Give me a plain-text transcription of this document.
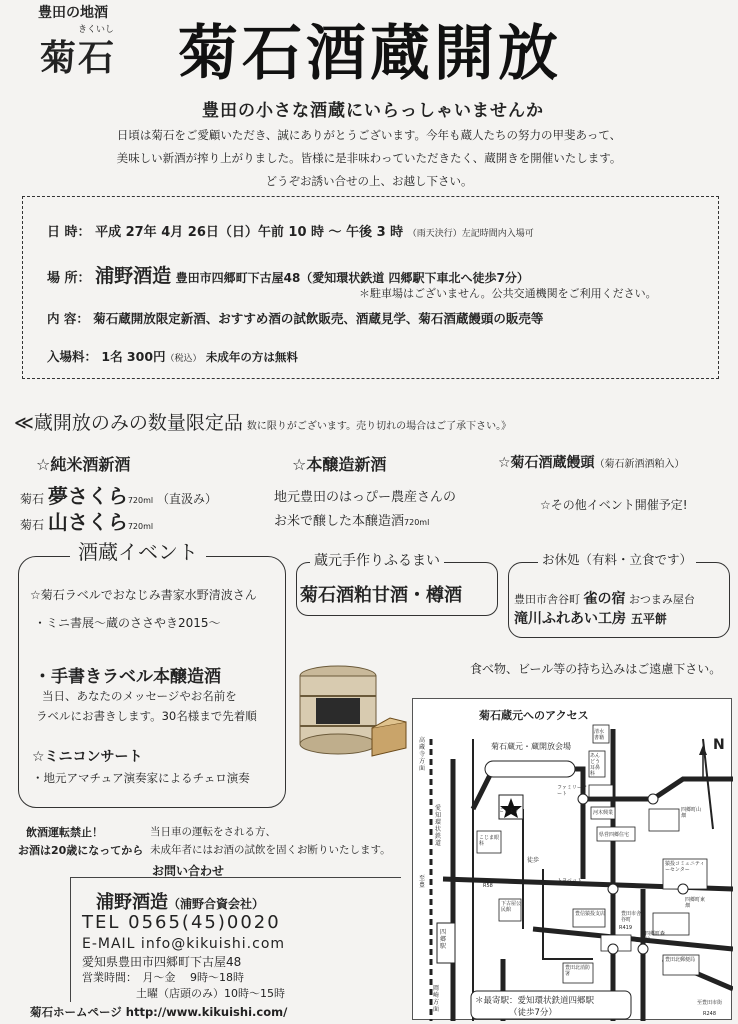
豊田の地酒
きくいし
菊石 菊石酒蔵開放
豊田の小さな酒蔵にいらっしゃいませんか
日頃は菊石をご愛顧いただき、誠にありがとうございます。今年も蔵人たちの努力の甲斐あって、
美味しい新酒が搾り上がりました。皆様に是非味わっていただきたく、蔵開きを開催いたします。
どうぞお誘い合せの上、お越し下さい。
日 時： 平成 27年 4月 26日（日）午前 10 時 〜 午後 3 時 （雨天決行）左記時間内入場可
場 所： 浦野酒造 豊田市四郷町下古屋48（愛知環状鉄道 四郷駅下車北へ徒歩7分）
＊駐車場はございません。公共交通機関をご利用ください。
内 容： 菊石蔵開放限定新酒、おすすめ酒の試飲販売、酒蔵見学、菊石酒蔵饅頭の販売等
入場料： 1名 300円（税込） 未成年の方は無料
≪蔵開放のみの数量限定品 数に限りがございます。売り切れの場合はご了承下さい。》
☆純米酒新酒
菊石 夢さくら720ml （直汲み）
菊石 山さくら720ml
☆本醸造新酒
地元豊田のはっぴー農産さんの
お米で醸した本醸造酒720ml
☆菊石酒蔵饅頭（菊石新酒酒粕入）
☆その他イベント開催予定!
酒蔵イベント
☆菊石ラベルでおなじみ書家水野清波さん
・ミニ書展〜蔵のささやき2015〜
・手書きラベル本醸造酒
当日、あなたのメッセージやお名前を
ラベルにお書きします。30名様まで先着順
☆ミニコンサート
・地元アマチュア演奏家によるチェロ演奏
蔵元手作りふるまい
菊石酒粕甘酒・樽酒
お休処（有料・立食です）
豊田市舎谷町 雀の宿 おつまみ屋台
滝川ふれあい工房 五平餅
食べ物、ビール等の持ち込みはご遠慮下さい。
菊石蔵元へのアクセス
菊石蔵元・蔵開放会場
ここです
N
＊最寄駅：愛知環状鉄道四郷駅
（徒歩7分）
高蔵寺方面
愛知環状鉄道
至豊
岡崎方面
四郷駅
清水書籍
あんどう耳鼻科
ファミリーマート
河木興業
県営四郷住宅
四郷町山畑
猿投コミュニティーセンター
四郷町東畑
トヨペット
豊信猿投支店	豊田市舎谷町
四郷町森前
豊田北消防署
豊田北郵便局
至豊田市街
こじま眼科
下古屋公民館
徒歩
R248
R419
R58
飲酒運転禁止！
お酒は20歳になってから
当日車の運転をされる方、
未成年者にはお酒の試飲を固くお断りいたします。
お問い合わせ
浦野酒造（浦野合資会社）
TEL 0565(45)0020
E-MAIL info@kikuishi.com
愛知県豊田市四郷町下古屋48
営業時間：　月〜金　 9時〜18時
土曜（店頭のみ）10時〜15時
菊石ホームページ http://www.kikuishi.com/
